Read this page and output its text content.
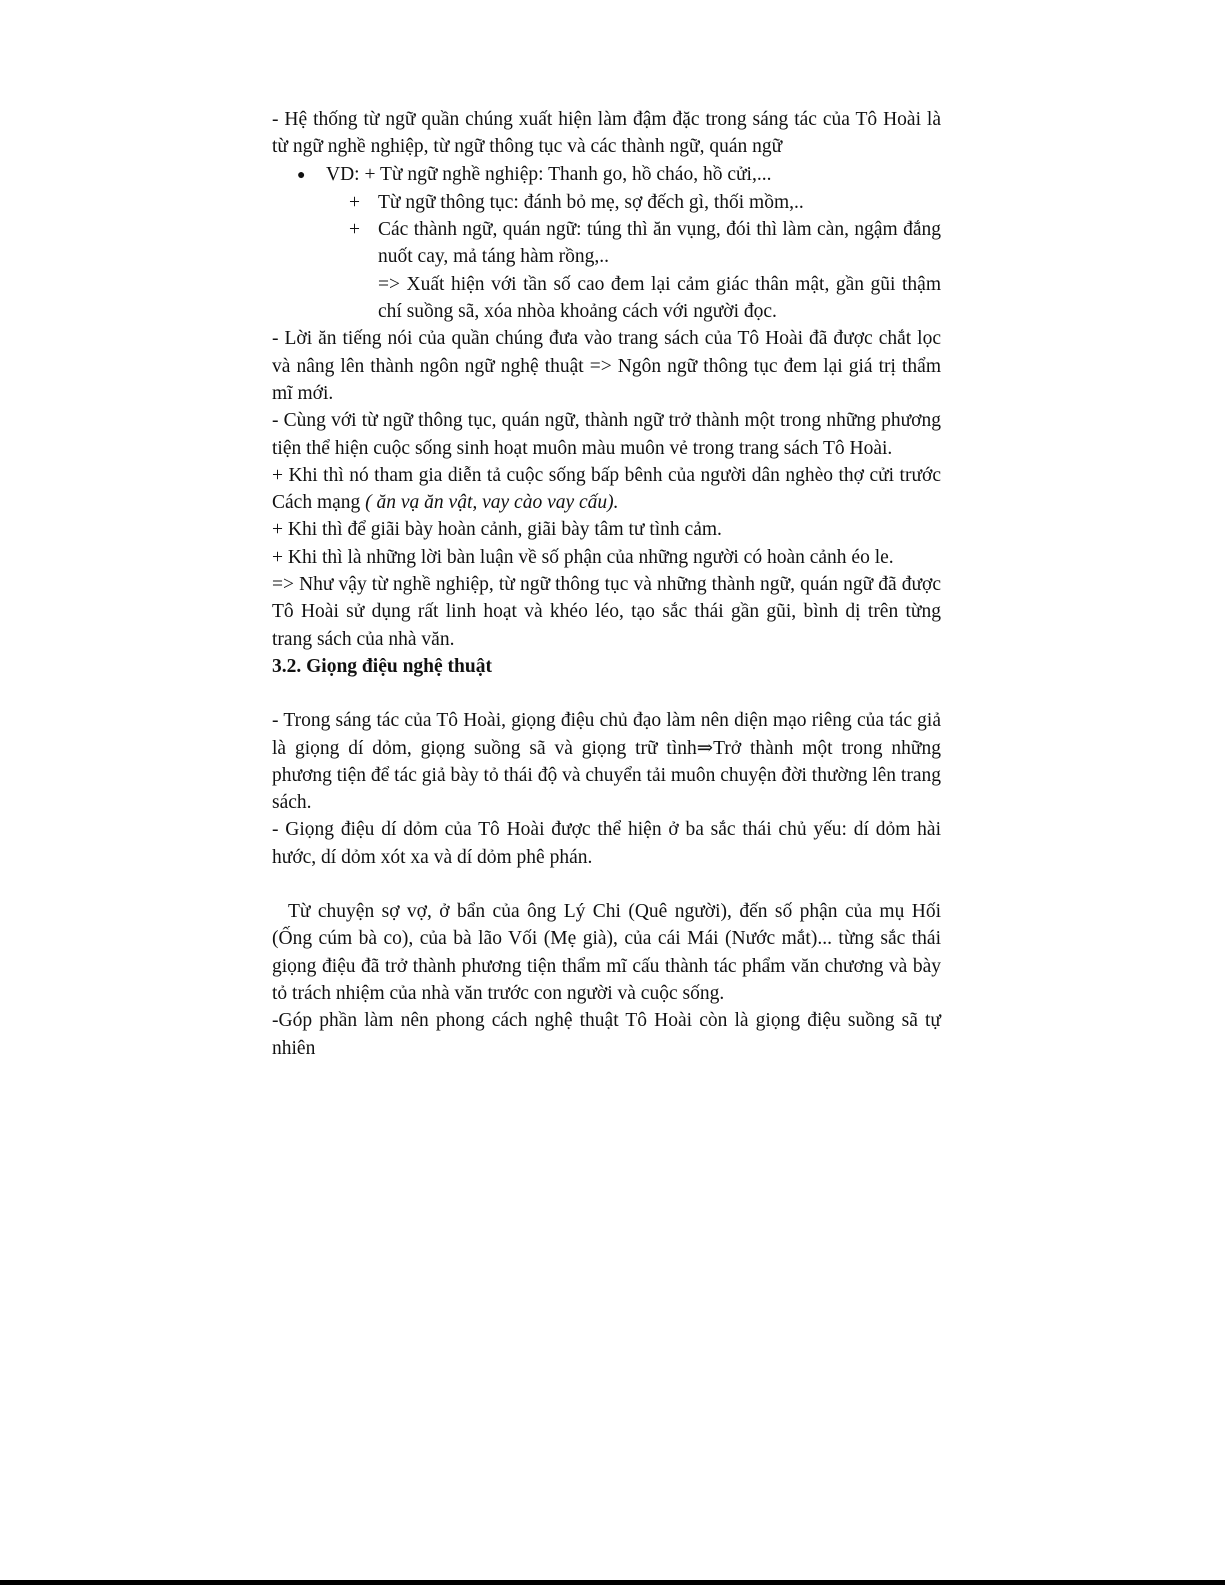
- Hệ thống từ ngữ quần chúng xuất hiện làm đậm đặc trong sáng tác của Tô Hoài là từ ngữ nghề nghiệp, từ ngữ thông tục và các thành ngữ, quán ngữ

●	VD: + Từ ngữ nghề nghiệp: Thanh go, hồ cháo, hồ cửi,...
+ Từ ngữ thông tục: đánh bỏ mẹ, sợ đếch gì, thối mồm,..
+ Các thành ngữ, quán ngữ: túng thì ăn vụng, đói thì làm càn, ngậm đắng nuốt cay, mả táng hàm rồng,..

=> Xuất hiện với tần số cao đem lại cảm giác thân mật, gần gũi thậm chí suồng sã, xóa nhòa khoảng cách với người đọc.

- Lời ăn tiếng nói của quần chúng đưa vào trang sách của Tô Hoài đã được chắt lọc và nâng lên thành ngôn ngữ nghệ thuật => Ngôn ngữ thông tục đem lại giá trị thẩm mĩ mới.

- Cùng với từ ngữ thông tục, quán ngữ, thành ngữ trở thành một trong những phương tiện thể hiện cuộc sống sinh hoạt muôn màu muôn vẻ trong trang sách Tô Hoài.

+ Khi thì nó tham gia diễn tả cuộc sống bấp bênh của người dân nghèo thợ cửi trước Cách mạng ( ăn vạ ăn vật, vay cào vay cấu).

+ Khi thì để giãi bày hoàn cảnh, giãi bày tâm tư tình cảm.

+ Khi thì là những lời bàn luận về số phận của những người có hoàn cảnh éo le.

=> Như vậy từ nghề nghiệp, từ ngữ thông tục và những thành ngữ, quán ngữ đã được Tô Hoài sử dụng rất linh hoạt và khéo léo, tạo sắc thái gần gũi, bình dị trên từng trang sách của nhà văn.

3.2. Giọng điệu nghệ thuật

- Trong sáng tác của Tô Hoài, giọng điệu chủ đạo làm nên diện mạo riêng của tác giả là giọng dí dỏm, giọng suồng sã và giọng trữ tình⇒Trở thành một trong những phương tiện để tác giả bày tỏ thái độ và chuyển tải muôn chuyện đời thường lên trang sách.

- Giọng điệu dí dỏm của Tô Hoài được thể hiện ở ba sắc thái chủ yếu: dí dỏm hài hước, dí dỏm xót xa và dí dỏm phê phán.

Từ chuyện sợ vợ, ở bẩn của ông Lý Chi (Quê người), đến số phận của mụ Hối (Ống cúm bà co), của bà lão Vối (Mẹ già), của cái Mái (Nước mắt)... từng sắc thái giọng điệu đã trở thành phương tiện thẩm mĩ cấu thành tác phẩm văn chương và bày tỏ trách nhiệm của nhà văn trước con người và cuộc sống.

-Góp phần làm nên phong cách nghệ thuật Tô Hoài còn là giọng điệu suồng sã tự nhiên
